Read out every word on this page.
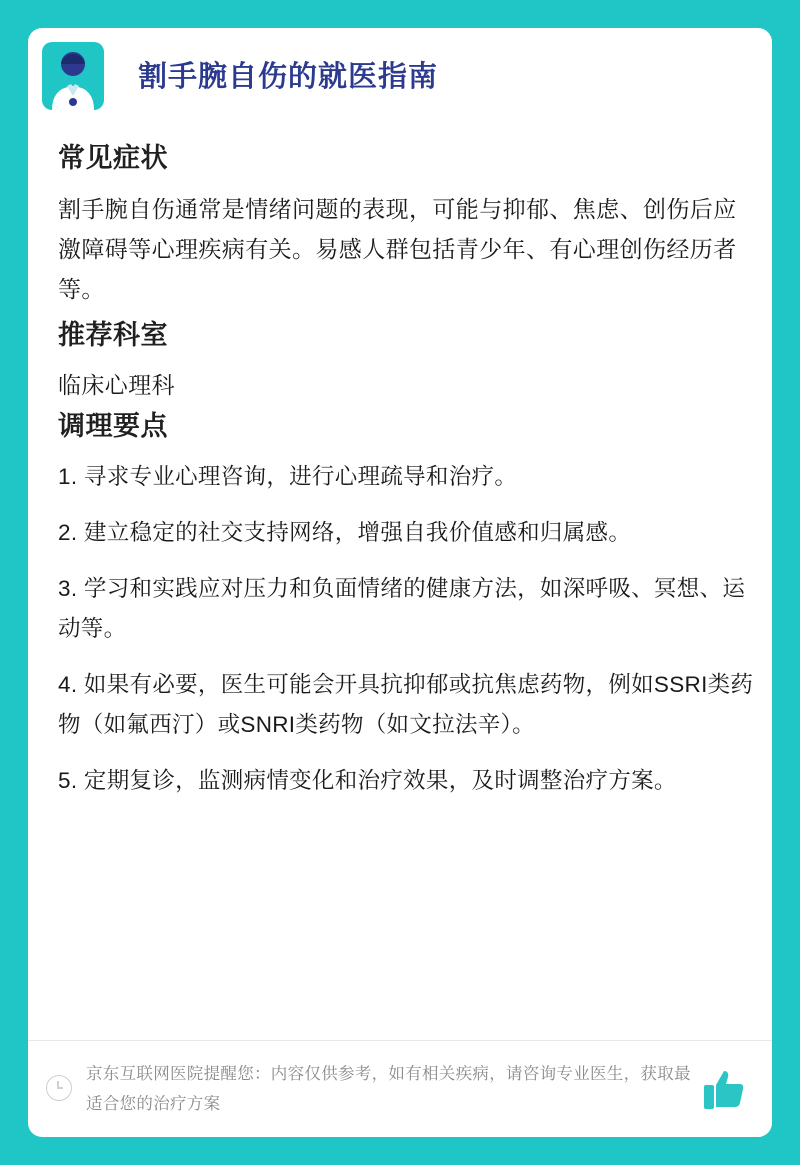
割手腕自伤的就医指南
常见症状

割手腕自伤通常是情绪问题的表现，可能与抑郁、焦虑、创伤后应激障碍等心理疾病有关。易感人群包括青少年、有心理创伤经历者等。

推荐科室

临床心理科

调理要点
1. 寻求专业心理咨询，进行心理疏导和治疗。
2. 建立稳定的社交支持网络，增强自我价值感和归属感。
3. 学习和实践应对压力和负面情绪的健康方法，如深呼吸、冥想、运动等。
4. 如果有必要，医生可能会开具抗抑郁或抗焦虑药物，例如SSRI类药物（如氟西汀）或SNRI类药物（如文拉法辛）。
5. 定期复诊，监测病情变化和治疗效果，及时调整治疗方案。
京东互联网医院提醒您：内容仅供参考，如有相关疾病，请咨询专业医生，获取最适合您的治疗方案
